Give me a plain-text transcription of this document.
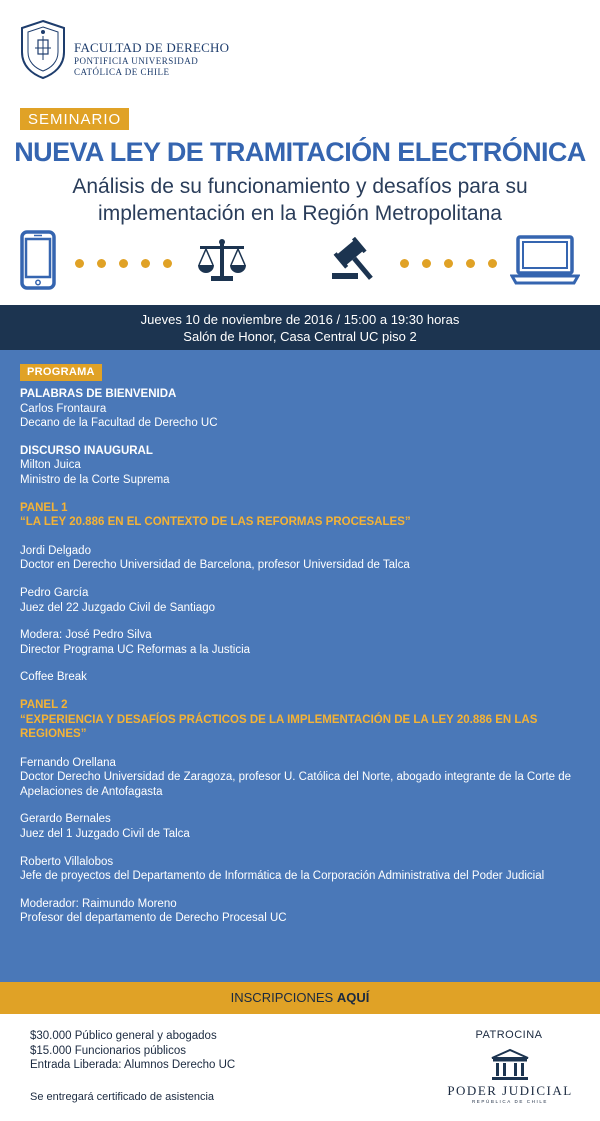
FACULTAD DE DERECHO
PONTIFICIA UNIVERSIDAD
CATÓLICA DE CHILE
SEMINARIO
NUEVA LEY DE TRAMITACIÓN ELECTRÓNICA
Análisis de su funcionamiento y desafíos para su
implementación en la Región Metropolitana
Jueves 10 de noviembre de 2016 / 15:00 a 19:30 horas
Salón de Honor, Casa Central UC piso 2
PROGRAMA
PALABRAS DE BIENVENIDA
Carlos Frontaura
Decano de la Facultad de Derecho UC
DISCURSO INAUGURAL
Milton Juica
Ministro de la Corte Suprema
PANEL 1
“LA LEY 20.886 EN EL CONTEXTO DE LAS REFORMAS PROCESALES”
Jordi Delgado
Doctor en Derecho Universidad de Barcelona, profesor Universidad de Talca
Pedro García
Juez del 22 Juzgado Civil de Santiago
Modera: José Pedro Silva
Director Programa UC Reformas a la Justicia
Coffee Break
PANEL 2
“EXPERIENCIA Y DESAFÍOS PRÁCTICOS DE LA IMPLEMENTACIÓN DE LA LEY 20.886 EN LAS REGIONES”
Fernando Orellana
Doctor Derecho Universidad de Zaragoza, profesor U. Católica del Norte, abogado integrante de la Corte de Apelaciones de Antofagasta
Gerardo Bernales
Juez del 1 Juzgado Civil de Talca
Roberto Villalobos
Jefe de proyectos del Departamento de Informática de la Corporación Administrativa del Poder Judicial
Moderador: Raimundo Moreno
Profesor del departamento de Derecho Procesal UC
INSCRIPCIONES AQUÍ
$30.000 Público general y abogados
$15.000 Funcionarios públicos
Entrada Liberada: Alumnos Derecho UC
Se entregará certificado de asistencia
PATROCINA
PODER JUDICIAL
REPÚBLICA DE CHILE
